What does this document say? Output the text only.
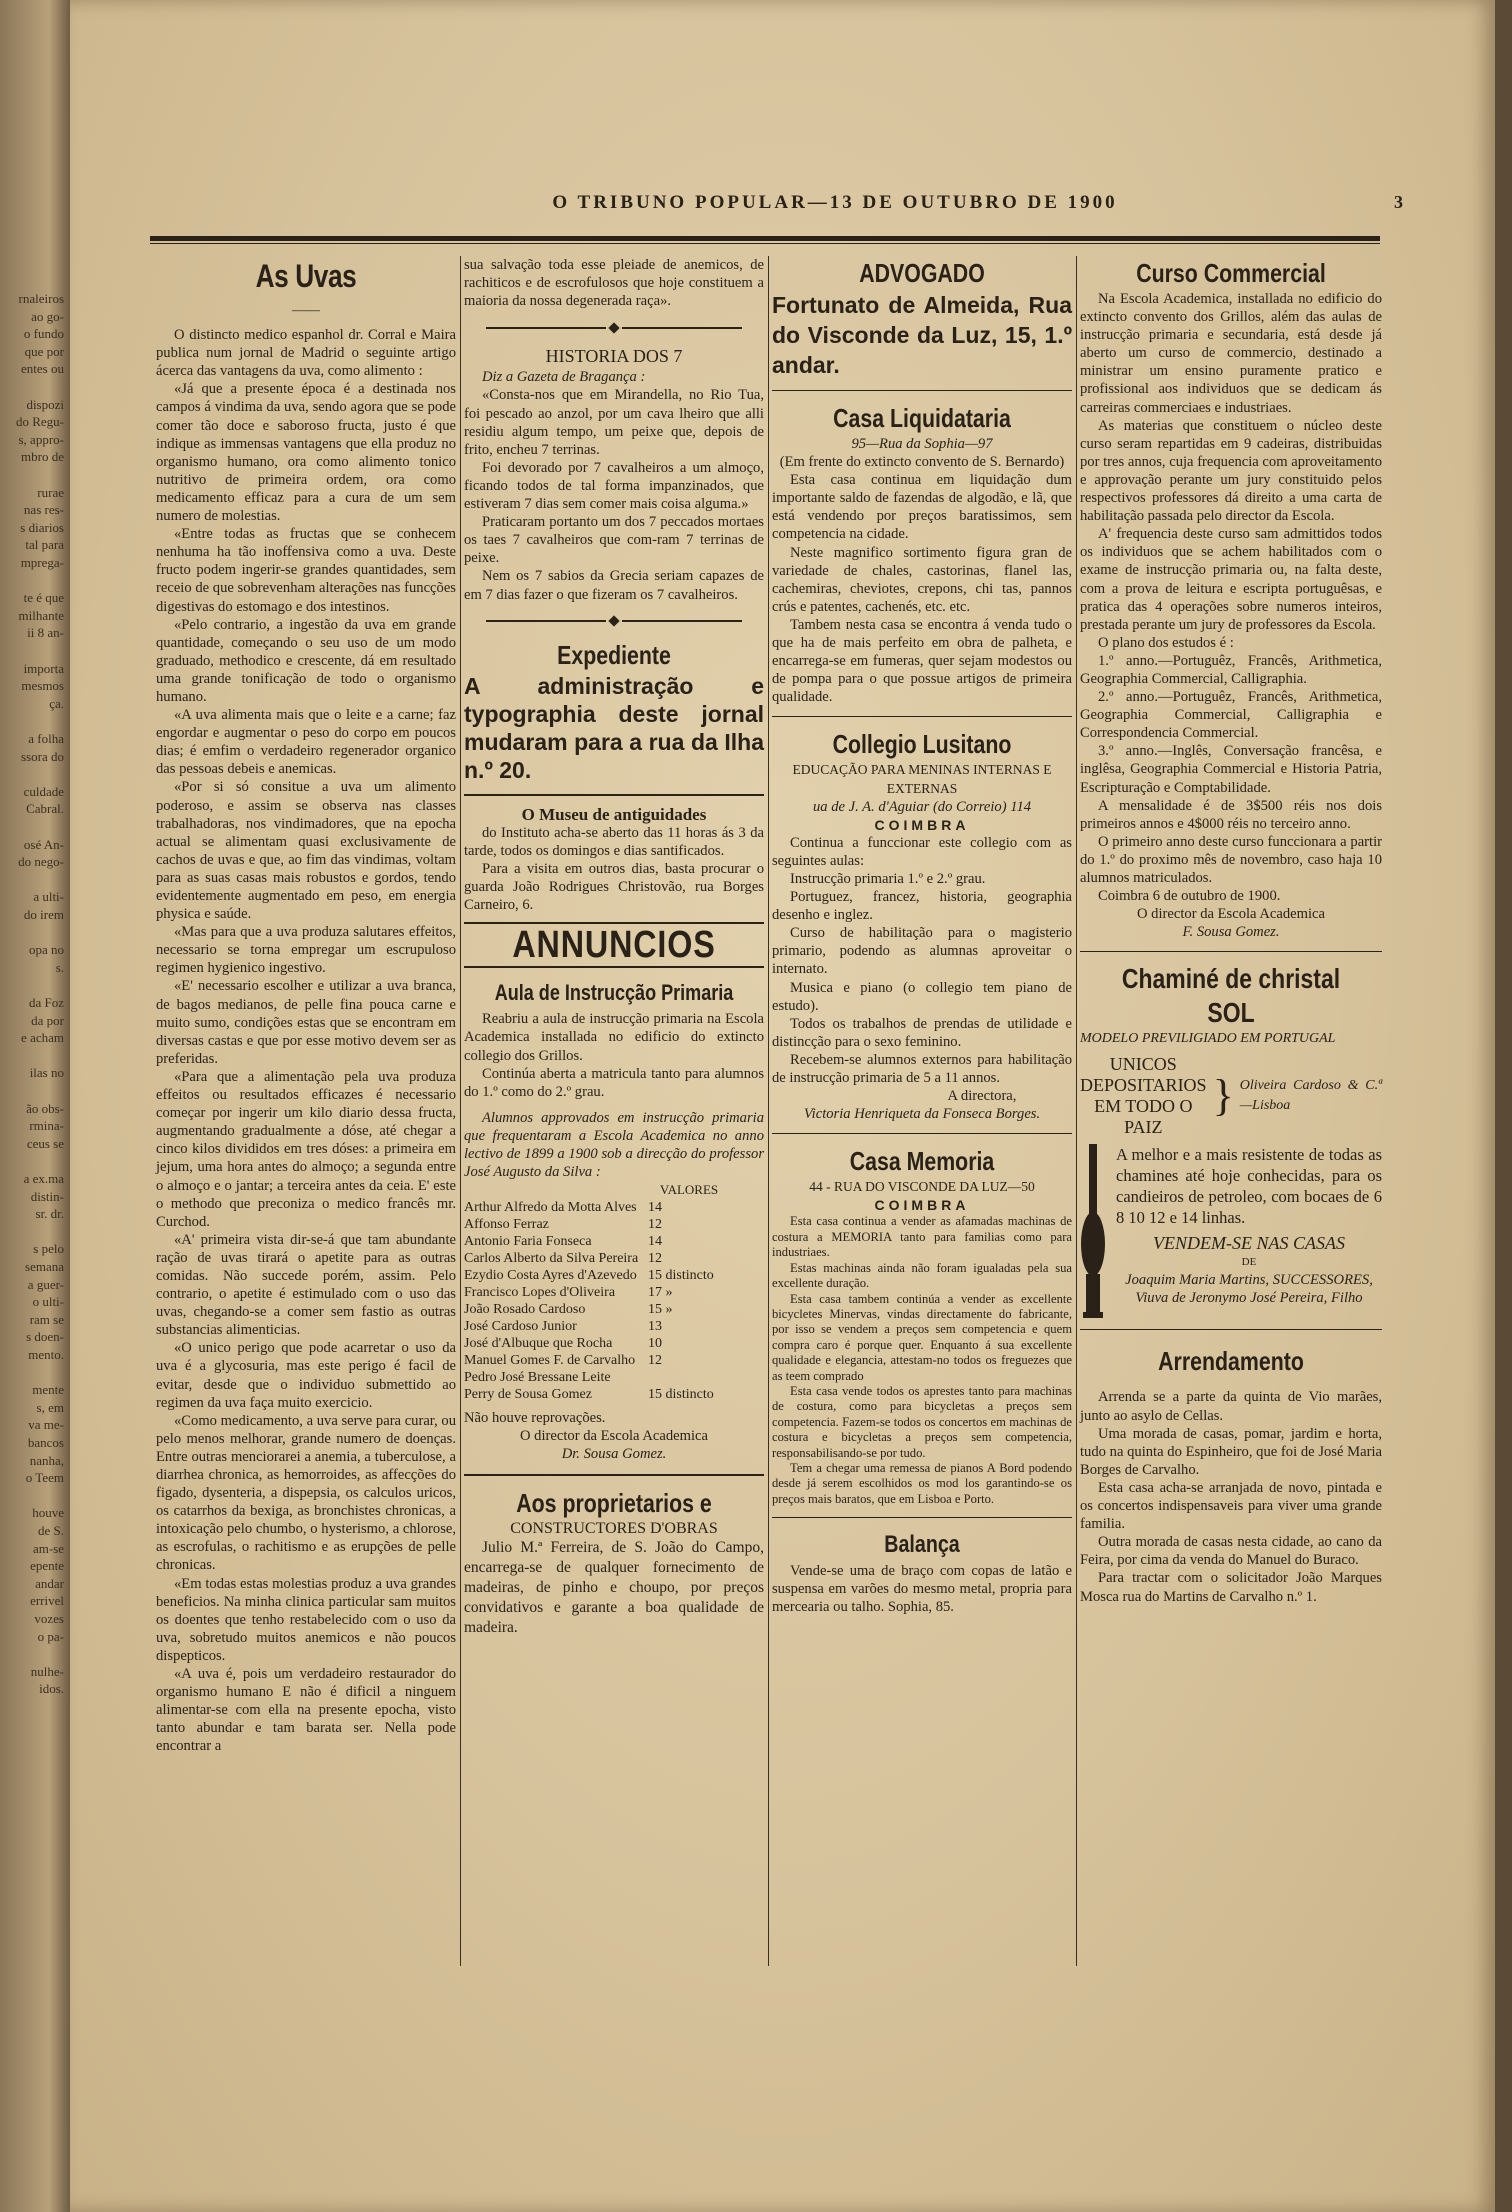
rnaleiros
ao go-
o fundo
que por
entes ou
dispozi
do Regu-
s, appro-
mbro de
rurae
nas res-
s diarios
tal para
mprega-
te é que
milhante
ii 8 an-
importa
mesmos
ça.
a folha
ssora do
culdade
Cabral.
osé An-
do nego-
a ulti-
do irem
opa no
s.
da Foz
da por
e acham
ilas no
ão obs-
rmina-
ceus se
a ex.ma
distin-
sr. dr.
s pelo
semana
a guer-
o ulti-
ram se
s doen-
mento.
mente
s, em
va me-
bancos
nanha,
o Teem
houve
de S.
am-se
epente
andar
errivel
vozes
o pa-
nulhe-
idos.
O TRIBUNO POPULAR—13 DE OUTUBRO DE 1900	3

As Uvas

——

O distincto medico espanhol dr. Corral e Maira publica num jornal de Madrid o seguinte artigo ácerca das vantagens da uva, como alimento :

«Já que a presente época é a destinada nos campos á vindima da uva, sendo agora que se pode comer tão doce e saboroso fructa, justo é que indique as immensas vantagens que ella produz no organismo humano, ora como alimento tonico nutritivo de primeira ordem, ora como medicamento efficaz para a cura de um sem numero de molestias.

«Entre todas as fructas que se conhecem nenhuma ha tão inoffensiva como a uva. Deste fructo podem ingerir-se grandes quantidades, sem receio de que sobrevenham alterações nas funcções digestivas do estomago e dos intestinos.

«Pelo contrario, a ingestão da uva em grande quantidade, começando o seu uso de um modo graduado, methodico e crescente, dá em resultado uma grande tonificação de todo o organismo humano.

«A uva alimenta mais que o leite e a carne; faz engordar e augmentar o peso do corpo em poucos dias; é emfim o verdadeiro regenerador organico das pessoas debeis e anemicas.

«Por si só consitue a uva um alimento poderoso, e assim se observa nas classes trabalhadoras, nos vindimadores, que na epocha actual se alimentam quasi exclusivamente de cachos de uvas e que, ao fim das vindimas, voltam para as suas casas mais robustos e gordos, tendo evidentemente augmentado em peso, em energia physica e saúde.

«Mas para que a uva produza salutares effeitos, necessario se torna empregar um escrupuloso regimen hygienico ingestivo.

«E' necessario escolher e utilizar a uva branca, de bagos medianos, de pelle fina pouca carne e muito sumo, condições estas que se encontram em diversas castas e que por esse motivo devem ser as preferidas.

«Para que a alimentação pela uva produza effeitos ou resultados efficazes é necessario começar por ingerir um kilo diario dessa fructa, augmentando gradualmente a dóse, até chegar a cinco kilos divididos em tres dóses: a primeira em jejum, uma hora antes do almoço; a segunda entre o almoço e o jantar; a terceira antes da ceia. E' este o methodo que preconiza o medico francês mr. Curchod.

«A' primeira vista dir-se-á que tam abundante ração de uvas tirará o apetite para as outras comidas. Não succede porém, assim. Pelo contrario, o apetite é estimulado com o uso das uvas, chegando-se a comer sem fastio as outras substancias alimenticias.

«O unico perigo que pode acarretar o uso da uva é a glycosuria, mas este perigo é facil de evitar, desde que o individuo submettido ao regimen da uva faça muito exercicio.

«Como medicamento, a uva serve para curar, ou pelo menos melhorar, grande numero de doenças. Entre outras menciorarei a anemia, a tuberculose, a diarrhea chronica, as hemorroides, as affecções do figado, dysenteria, a dispepsia, os calculos uricos, os catarrhos da bexiga, as bronchistes chronicas, a intoxicação pelo chumbo, o hysterismo, a chlorose, as escrofulas, o rachitismo e as erupções de pelle chronicas.

«Em todas estas molestias produz a uva grandes beneficios. Na minha clinica particular sam muitos os doentes que tenho restabelecido com o uso da uva, sobretudo muitos anemicos e não poucos dispepticos.

«A uva é, pois um verdadeiro restaurador do organismo humano E não é dificil a ninguem alimentar-se com ella na presente epocha, visto tanto abundar e tam barata ser. Nella pode encontrar a

sua salvação toda esse pleiade de anemicos, de rachiticos e de escrofulosos que hoje constituem a maioria da nossa degenerada raça».

HISTORIA DOS 7

Diz a Gazeta de Bragança :

«Consta-nos que em Mirandella, no Rio Tua, foi pescado ao anzol, por um cava lheiro que alli residiu algum tempo, um peixe que, depois de frito, encheu 7 terrinas.

Foi devorado por 7 cavalheiros a um almoço, ficando todos de tal forma impanzinados, que estiveram 7 dias sem comer mais coisa alguma.»

Praticaram portanto um dos 7 peccados mortaes os taes 7 cavalheiros que com-ram 7 terrinas de peixe.

Nem os 7 sabios da Grecia seriam capazes de em 7 dias fazer o que fizeram os 7 cavalheiros.

Expediente

A administração e typographia deste jornal mudaram para a rua da Ilha n.º 20.

O Museu de antiguidades

do Instituto acha-se aberto das 11 horas ás 3 da tarde, todos os domingos e dias santificados.

Para a visita em outros dias, basta procurar o guarda João Rodrigues Christovão, rua Borges Carneiro, 6.

ANNUNCIOS

Aula de Instrucção Primaria

Reabriu a aula de instrucção primaria na Escola Academica installada no edificio do extincto collegio dos Grillos.

Continúa aberta a matricula tanto para alumnos do 1.º como do 2.º grau.

Alumnos approvados em instrucção primaria que frequentaram a Escola Academica no anno lectivo de 1899 a 1900 sob a direcção do professor José Augusto da Silva :

VALORES

Arthur Alfredo da Motta Alves	14
Affonso Ferraz	12
Antonio Faria Fonseca	14
Carlos Alberto da Silva Pereira	12
Ezydio Costa Ayres d'Azevedo	15 distincto
Francisco Lopes d'Oliveira	17 »
João Rosado Cardoso	15 »
José Cardoso Junior	13
José d'Albuque que Rocha	10
Manuel Gomes F. de Carvalho	12
Pedro José Bressane Leite	
Perry de Sousa Gomez	15 distincto

Não houve reprovações.

O director da Escola Academica

Dr. Sousa Gomez.

Aos proprietarios e

CONSTRUCTORES D'OBRAS

Julio M.ª Ferreira, de S. João do Campo, encarrega-se de qualquer fornecimento de madeiras, de pinho e choupo, por preços convidativos e garante a boa qualidade de madeira.

ADVOGADO

Fortunato de Almeida, Rua do Visconde da Luz, 15, 1.º andar.

Casa Liquidataria

95—Rua da Sophia—97

(Em frente do extincto convento de S. Bernardo)

Esta casa continua em liquidação dum importante saldo de fazendas de algodão, e lã, que está vendendo por preços baratissimos, sem competencia na cidade.

Neste magnifico sortimento figura gran de variedade de chales, castorinas, flanel las, cachemiras, cheviotes, crepons, chi tas, pannos crús e patentes, cachenés, etc. etc.

Tambem nesta casa se encontra á venda tudo o que ha de mais perfeito em obra de palheta, e encarrega-se em fumeras, quer sejam modestos ou de pompa para o que possue artigos de primeira qualidade.

Collegio Lusitano

EDUCAÇÃO PARA MENINAS INTERNAS E EXTERNAS

ua de J. A. d'Aguiar (do Correio) 114

COIMBRA

Continua a funccionar este collegio com as seguintes aulas:

Instrucção primaria 1.º e 2.º grau.

Portuguez, francez, historia, geographia desenho e inglez.

Curso de habilitação para o magisterio primario, podendo as alumnas aproveitar o internato.

Musica e piano (o collegio tem piano de estudo).

Todos os trabalhos de prendas de utilidade e distincção para o sexo feminino.

Recebem-se alumnos externos para habilitação de instrucção primaria de 5 a 11 annos.

A directora,

Victoria Henriqueta da Fonseca Borges.

Casa Memoria

44 - RUA DO VISCONDE DA LUZ—50

COIMBRA

Esta casa continua a vender as afamadas machinas de costura a MEMORIA tanto para familias como para industriaes.

Estas machinas ainda não foram igualadas pela sua excellente duração.

Esta casa tambem continúa a vender as excellente bicycletes Minervas, vindas directamente do fabricante, por isso se vendem a preços sem competencia e quem compra caro é porque quer. Enquanto á sua excellente qualidade e elegancia, attestam-no todos os freguezes que as teem comprado

Esta casa vende todos os aprestes tanto para machinas de costura, como para bicycletas a preços sem competencia. Fazem-se todos os concertos em machinas de costura e bicycletas a preços sem competencia, responsabilisando-se por tudo.

Tem a chegar uma remessa de pianos A Bord podendo desde já serem escolhidos os mod los garantindo-se os preços mais baratos, que em Lisboa e Porto.

Balança

Vende-se uma de braço com copas de latão e suspensa em varões do mesmo metal, propria para mercearia ou talho. Sophia, 85.

Curso Commercial

Na Escola Academica, installada no edificio do extincto convento dos Grillos, além das aulas de instrucção primaria e secundaria, está desde já aberto um curso de commercio, destinado a ministrar um ensino puramente pratico e profissional aos individuos que se dedicam ás carreiras commerciaes e industriaes.

As materias que constituem o núcleo deste curso seram repartidas em 9 cadeiras, distribuidas por tres annos, cuja frequencia com aproveitamento e approvação perante um jury constituido pelos respectivos professores dá direito a uma carta de habilitação passada pelo director da Escola.

A' frequencia deste curso sam admittidos todos os individuos que se achem habilitados com o exame de instrucção primaria ou, na falta deste, com a prova de leitura e escripta portuguêsas, e pratica das 4 operações sobre numeros inteiros, prestada perante um jury de professores da Escola.

O plano dos estudos é :

1.º anno.—Portuguêz, Francês, Arithmetica, Geographia Commercial, Calligraphia.

2.º anno.—Portuguêz, Francês, Arithmetica, Geographia Commercial, Calligraphia e Correspondencia Commercial.

3.º anno.—Inglês, Conversação francêsa, e inglêsa, Geographia Commercial e Historia Patria, Escripturação e Comptabilidade.

A mensalidade é de 3$500 réis nos dois primeiros annos e 4$000 réis no terceiro anno.

O primeiro anno deste curso funccionara a partir do 1.º do proximo mês de novembro, caso haja 10 alumnos matriculados.

Coimbra 6 de outubro de 1900.

O director da Escola Academica

F. Sousa Gomez.

Chaminé de christal SOL

MODELO PREVILIGIADO EM PORTUGAL

UNICOS DEPOSITARIOS EM TODO O PAIZ
} Oliveira Cardoso & C.ª—Lisboa

A melhor e a mais resistente de todas as chamines até hoje conhecidas, para os candieiros de petroleo, com bocaes de 6 8 10 12 e 14 linhas.

VENDEM-SE NAS CASAS

DE

Joaquim Maria Martins, SUCCESSORES, Viuva de Jeronymo José Pereira, Filho

Arrendamento

Arrenda se a parte da quinta de Vio marães, junto ao asylo de Cellas.

Uma morada de casas, pomar, jardim e horta, tudo na quinta do Espinheiro, que foi de José Maria Borges de Carvalho.

Esta casa acha-se arranjada de novo, pintada e os concertos indispensaveis para viver uma grande familia.

Outra morada de casas nesta cidade, ao cano da Feira, por cima da venda do Manuel do Buraco.

Para tractar com o solicitador João Marques Mosca rua do Martins de Carvalho n.º 1.
